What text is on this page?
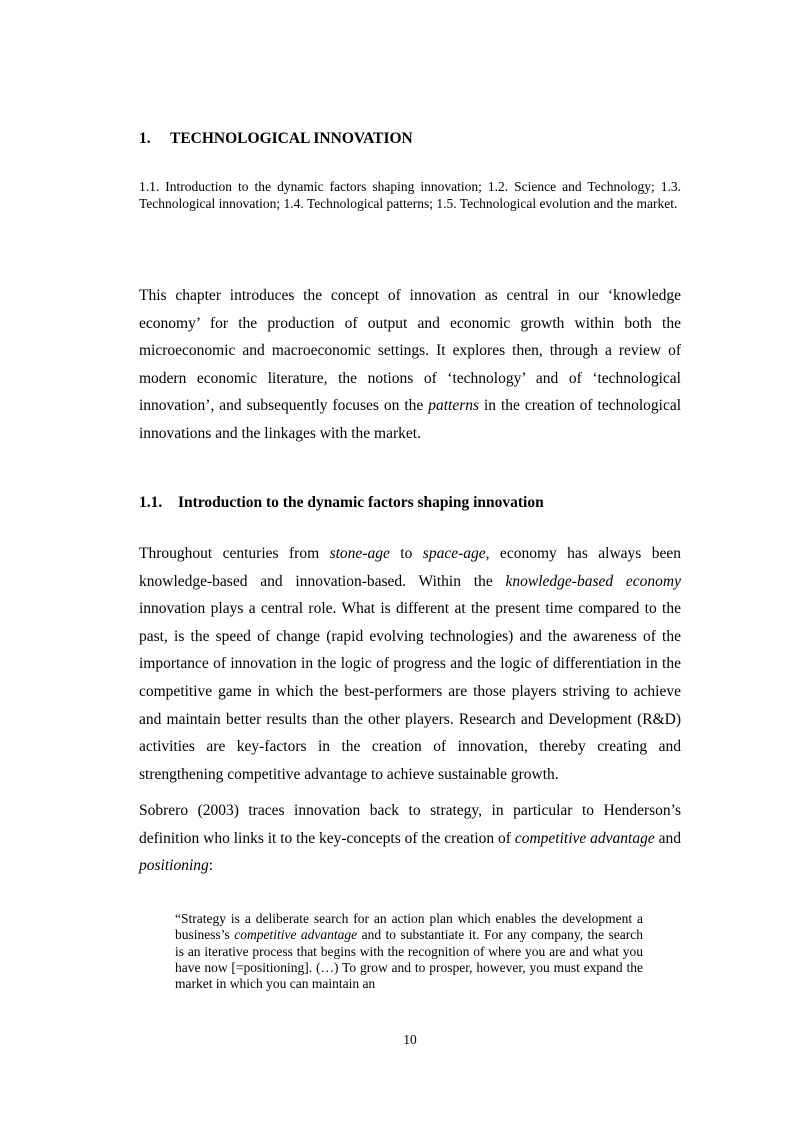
1. TECHNOLOGICAL INNOVATION

1.1. Introduction to the dynamic factors shaping innovation; 1.2. Science and Technology; 1.3. Technological innovation; 1.4. Technological patterns; 1.5. Technological evolution and the market.

This chapter introduces the concept of innovation as central in our ‘knowledge economy’ for the production of output and economic growth within both the microeconomic and macroeconomic settings. It explores then, through a review of modern economic literature, the notions of ‘technology’ and of ‘technological innovation’, and subsequently focuses on the patterns in the creation of technological innovations and the linkages with the market.

1.1. Introduction to the dynamic factors shaping innovation

Throughout centuries from stone-age to space-age, economy has always been knowledge-based and innovation-based. Within the knowledge-based economy innovation plays a central role. What is different at the present time compared to the past, is the speed of change (rapid evolving technologies) and the awareness of the importance of innovation in the logic of progress and the logic of differentiation in the competitive game in which the best-performers are those players striving to achieve and maintain better results than the other players. Research and Development (R&D) activities are key-factors in the creation of innovation, thereby creating and strengthening competitive advantage to achieve sustainable growth.

Sobrero (2003) traces innovation back to strategy, in particular to Henderson’s definition who links it to the key-concepts of the creation of competitive advantage and positioning:

“Strategy is a deliberate search for an action plan which enables the development a business’s competitive advantage and to substantiate it. For any company, the search is an iterative process that begins with the recognition of where you are and what you have now [=positioning]. (…) To grow and to prosper, however, you must expand the market in which you can maintain an
10
